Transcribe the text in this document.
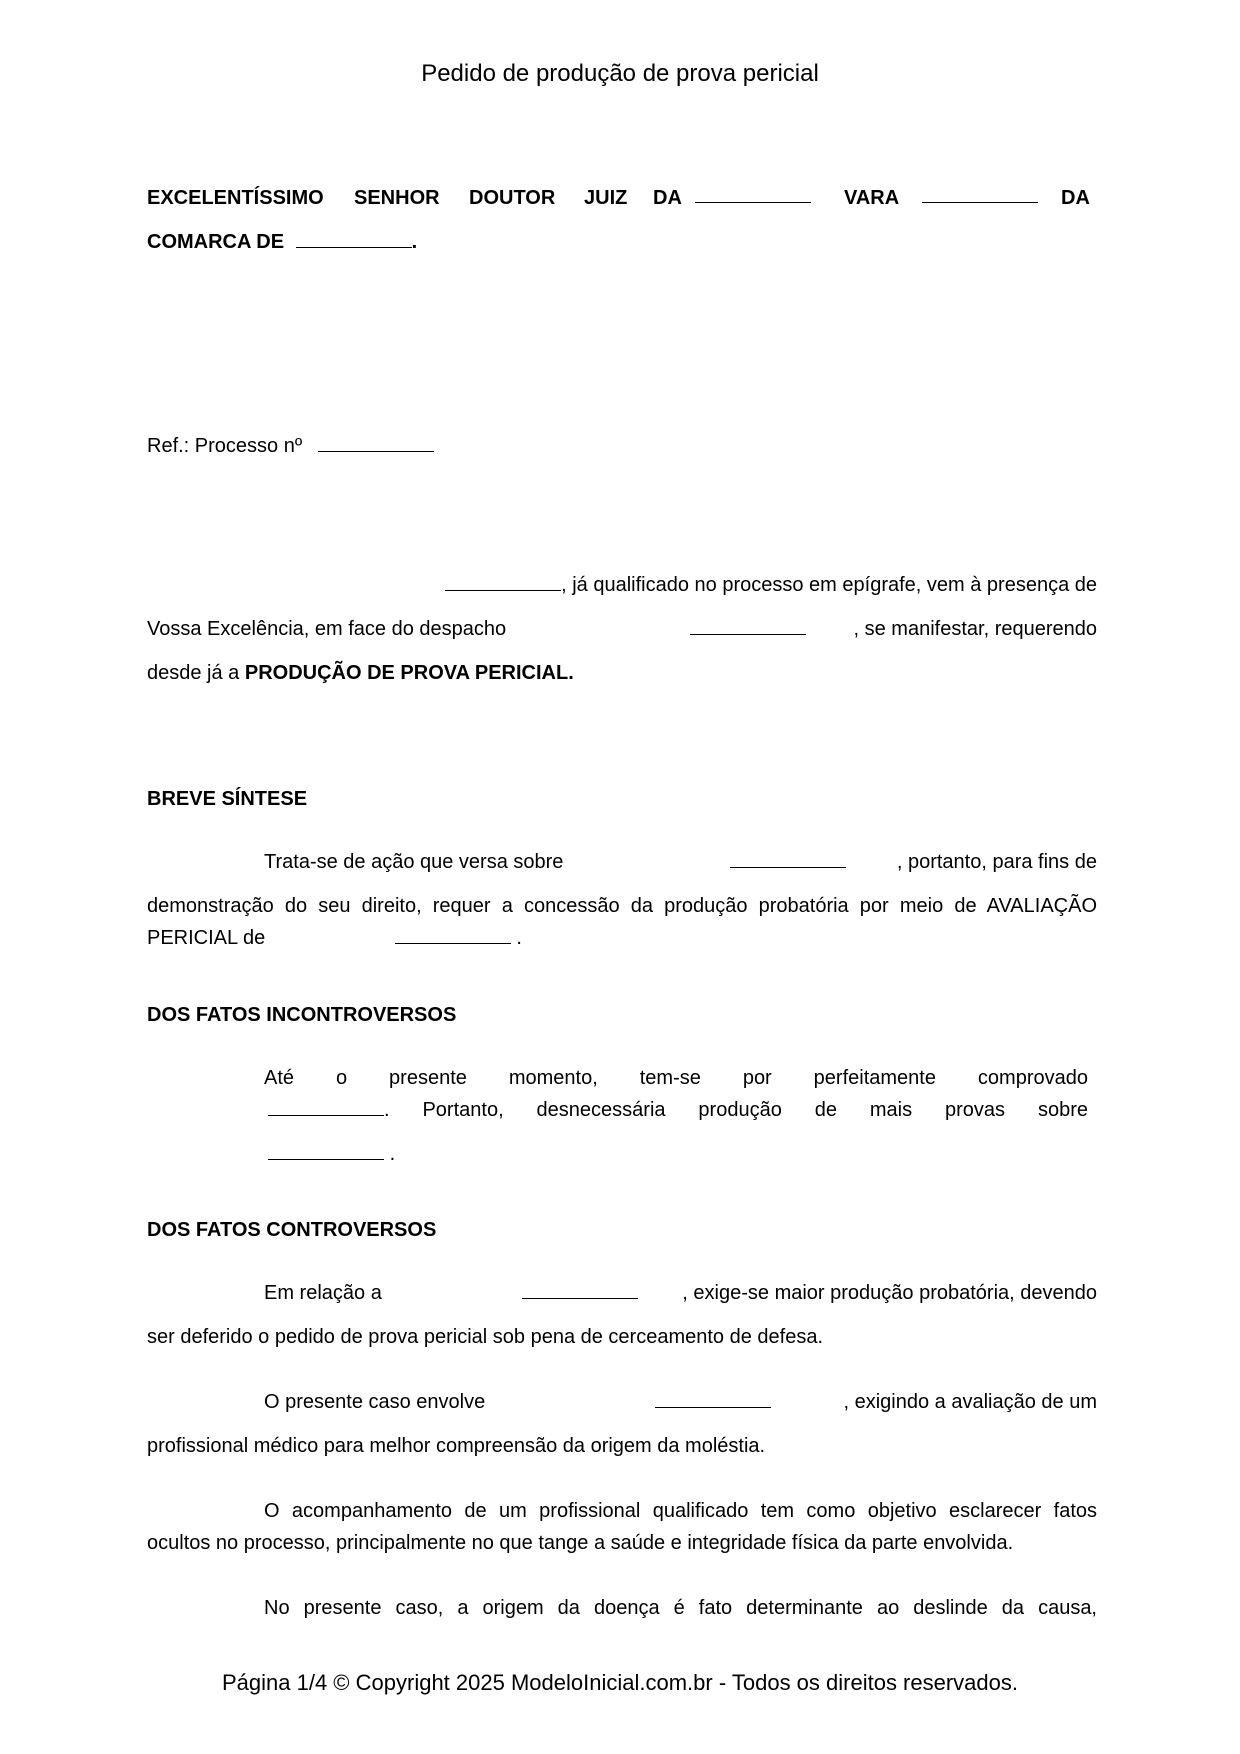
Pedido de produção de prova pericial
EXCELENTÍSSIMO SENHOR DOUTOR JUIZ DA	VARA	DA
COMARCA DE	.
Ref.: Processo nº
, já qualificado no processo em epígrafe, vem à presença de
Vossa Excelência, em face do despacho	, se manifestar, requerendo
desde já a PRODUÇÃO DE PROVA PERICIAL.
BREVE SÍNTESE
Trata-se de ação que versa sobre	, portanto, para fins de
demonstração do seu direito, requer a concessão da produção probatória por meio de AVALIAÇÃO
PERICIAL de	.
DOS FATOS INCONTROVERSOS
Até o presente momento, tem-se por perfeitamente comprovado
. Portanto, desnecessária produção de mais provas sobre
.
DOS FATOS CONTROVERSOS
Em relação a	, exige-se maior produção probatória, devendo
ser deferido o pedido de prova pericial sob pena de cerceamento de defesa.
O presente caso envolve	, exigindo a avaliação de um
profissional médico para melhor compreensão da origem da moléstia.
O acompanhamento de um profissional qualificado tem como objetivo esclarecer fatos
ocultos no processo, principalmente no que tange a saúde e integridade física da parte envolvida.
No presente caso, a origem da doença é fato determinante ao deslinde da causa,
Página 1/4 © Copyright 2025 ModeloInicial.com.br - Todos os direitos reservados.
